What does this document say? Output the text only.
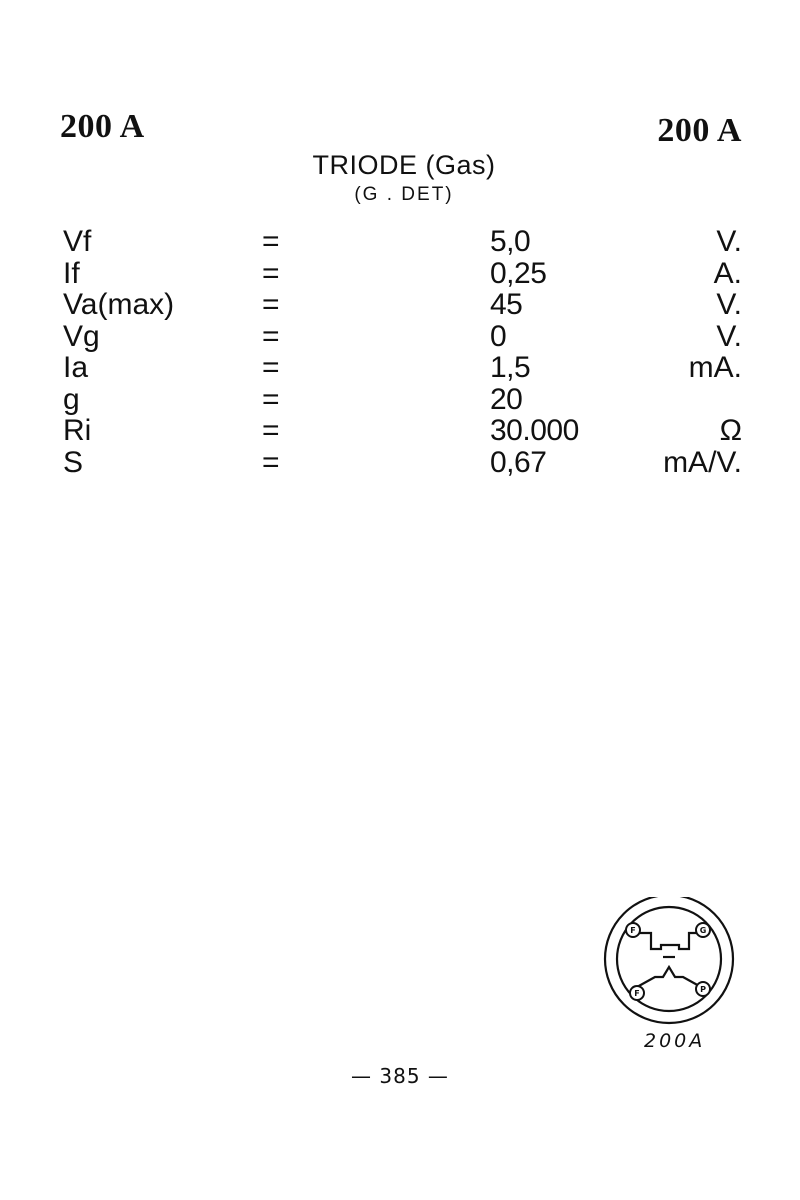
200 A	200 A
TRIODE (Gas)
(G . DET)
Vf	=	5,0	V.
If	=	0,25	A.
Va(max)	=	45	V.
Vg	=	0	V.
Ia	=	1,5	mA.
g	=	20
Ri	=	30.000	Ω
S	=	0,67	mA/V.
F	G
F	P
200A
— 385 —
